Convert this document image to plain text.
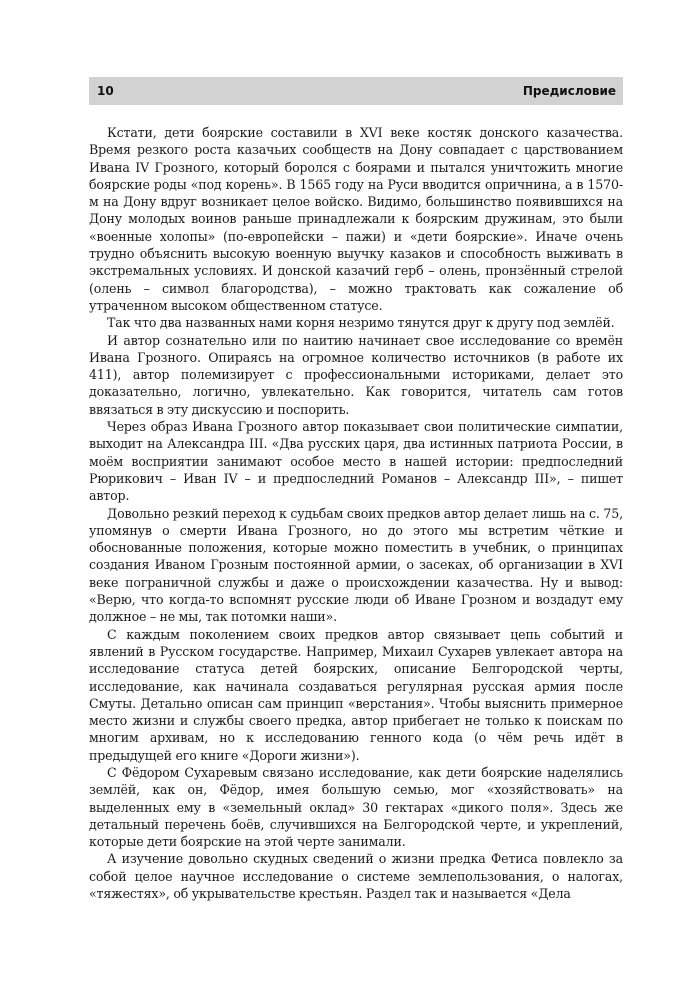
10	Предисловие

Кстати, дети боярские составили в XVI веке костяк донского казачества. Время резкого роста казачьих сообществ на Дону совпадает с царствованием Ивана IV Грозного, который боролся с боярами и пытался уничтожить многие боярские роды «под корень». В 1565 году на Руси вводится опричнина, а в 1570-м на Дону вдруг возникает целое войско. Видимо, большинство появившихся на Дону молодых воинов раньше принадлежали к боярским дружинам, это были «военные холопы» (по-европейски – пажи) и «дети боярские». Иначе очень трудно объяснить высокую военную выучку казаков и способность выживать в экстремальных условиях. И донской казачий герб – олень, пронзённый стрелой (олень – символ благородства), – можно трактовать как сожаление об утраченном высоком общественном статусе.

Так что два названных нами корня незримо тянутся друг к другу под землёй.

И автор сознательно или по наитию начинает свое исследование со времён Ивана Грозного. Опираясь на огромное количество источников (в работе их 411), автор полемизирует с профессиональными историками, делает это доказательно, логично, увлекательно. Как говорится, читатель сам готов ввязаться в эту дискуссию и поспорить.

Через образ Ивана Грозного автор показывает свои политические симпатии, выходит на Александра III. «Два русских царя, два истинных патриота России, в моём восприятии занимают особое место в нашей истории: предпоследний Рюрикович – Иван IV – и предпоследний Романов – Александр III», – пишет автор.

Довольно резкий переход к судьбам своих предков автор делает лишь на с. 75, упомянув о смерти Ивана Грозного, но до этого мы встретим чёткие и обоснованные положения, которые можно поместить в учебник, о принципах создания Иваном Грозным постоянной армии, о засеках, об организации в XVI веке пограничной службы и даже о происхождении казачества. Ну и вывод: «Верю, что когда-то вспомнят русские люди об Иване Грозном и воздадут ему должное – не мы, так потомки наши».

С каждым поколением своих предков автор связывает цепь событий и явлений в Русском государстве. Например, Михаил Сухарев увлекает автора на исследование статуса детей боярских, описание Белгородской черты, исследование, как начинала создаваться регулярная русская армия после Смуты. Детально описан сам принцип «верстания». Чтобы выяснить примерное место жизни и службы своего предка, автор прибегает не только к поискам по многим архивам, но к исследованию генного кода (о чём речь идёт в предыдущей его книге «Дороги жизни»).

С Фёдором Сухаревым связано исследование, как дети боярские наделялись землёй, как он, Фёдор, имея большую семью, мог «хозяйствовать» на выделенных ему в «земельный оклад» 30 гектарах «дикого поля». Здесь же детальный перечень боёв, случившихся на Белгородской черте, и укреплений, которые дети боярские на этой черте занимали.

А изучение довольно скудных сведений о жизни предка Фетиса повлекло за собой целое научное исследование о системе землепользования, о налогах, «тяжестях», об укрывательстве крестьян. Раздел так и называется «Дела
